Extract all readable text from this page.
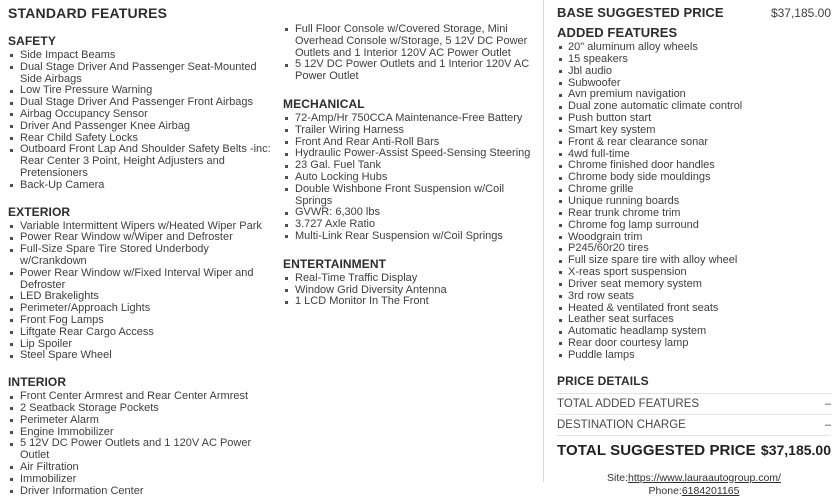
STANDARD FEATURES
SAFETY
Side Impact Beams
Dual Stage Driver And Passenger Seat-Mounted Side Airbags
Low Tire Pressure Warning
Dual Stage Driver And Passenger Front Airbags
Airbag Occupancy Sensor
Driver And Passenger Knee Airbag
Rear Child Safety Locks
Outboard Front Lap And Shoulder Safety Belts -inc: Rear Center 3 Point, Height Adjusters and Pretensioners
Back-Up Camera
EXTERIOR
Variable Intermittent Wipers w/Heated Wiper Park
Power Rear Window w/Wiper and Defroster
Full-Size Spare Tire Stored Underbody w/Crankdown
Power Rear Window w/Fixed Interval Wiper and Defroster
LED Brakelights
Perimeter/Approach Lights
Front Fog Lamps
Liftgate Rear Cargo Access
Lip Spoiler
Steel Spare Wheel
INTERIOR
Front Center Armrest and Rear Center Armrest
2 Seatback Storage Pockets
Perimeter Alarm
Engine Immobilizer
5 12V DC Power Outlets and 1 120V AC Power Outlet
Air Filtration
Immobilizer
Driver Information Center
Full Floor Console w/Covered Storage, Mini Overhead Console w/Storage, 5 12V DC Power Outlets and 1 Interior 120V AC Power Outlet
5 12V DC Power Outlets and 1 Interior 120V AC Power Outlet
MECHANICAL
72-Amp/Hr 750CCA Maintenance-Free Battery
Trailer Wiring Harness
Front And Rear Anti-Roll Bars
Hydraulic Power-Assist Speed-Sensing Steering
23 Gal. Fuel Tank
Auto Locking Hubs
Double Wishbone Front Suspension w/Coil Springs
GVWR: 6,300 lbs
3.727 Axle Ratio
Multi-Link Rear Suspension w/Coil Springs
ENTERTAINMENT
Real-Time Traffic Display
Window Grid Diversity Antenna
1 LCD Monitor In The Front
BASE SUGGESTED PRICE	$37,185.00
ADDED FEATURES
20" aluminum alloy wheels
15 speakers
Jbl audio
Subwoofer
Avn premium navigation
Dual zone automatic climate control
Push button start
Smart key system
Front & rear clearance sonar
4wd full-time
Chrome finished door handles
Chrome body side mouldings
Chrome grille
Unique running boards
Rear trunk chrome trim
Chrome fog lamp surround
Woodgrain trim
P245/60r20 tires
Full size spare tire with alloy wheel
X-reas sport suspension
Driver seat memory system
3rd row seats
Heated & ventilated front seats
Leather seat surfaces
Automatic headlamp system
Rear door courtesy lamp
Puddle lamps
PRICE DETAILS
TOTAL ADDED FEATURES	–
DESTINATION CHARGE	–
TOTAL SUGGESTED PRICE $37,185.00
Site:https://www.lauraautogroup.com/
Phone:6184201165
